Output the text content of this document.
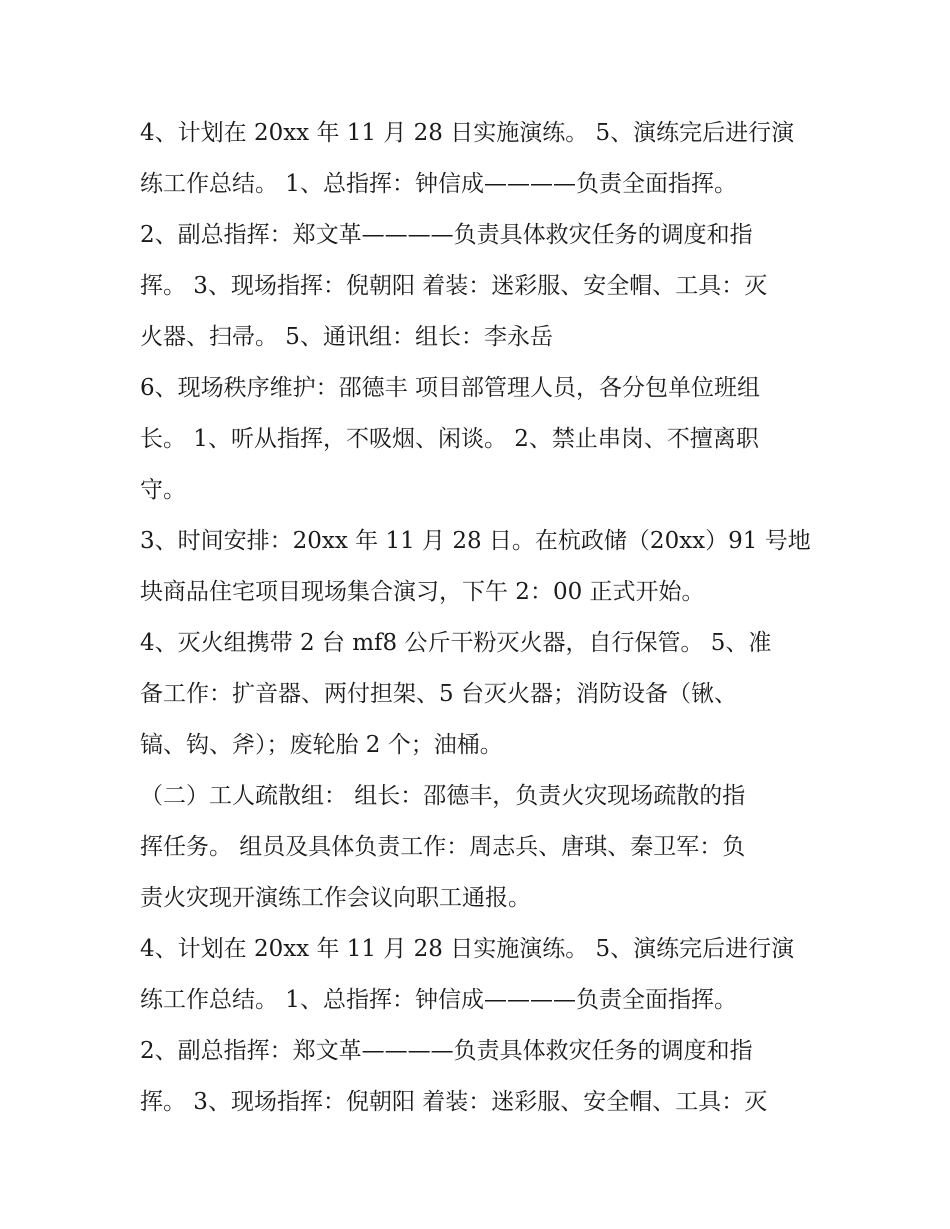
4、计划在 20xx 年 11 月 28 日实施演练。 5、演练完后进行演
练工作总结。 1、总指挥：钟信成————负责全面指挥。

2、副总指挥：郑文革————负责具体救灾任务的调度和指
挥。 3、现场指挥：倪朝阳 着装：迷彩服、安全帽、工具：灭
火器、扫帚。 5、通讯组：组长：李永岳

6、现场秩序维护：邵德丰 项目部管理人员，各分包单位班组
长。 1、听从指挥，不吸烟、闲谈。 2、禁止串岗、不擅离职
守。

3、时间安排：20xx 年 11 月 28 日。在杭政储（20xx）91 号地
块商品住宅项目现场集合演习，下午 2：00 正式开始。

4、灭火组携带 2 台 mf8 公斤干粉灭火器，自行保管。 5、准
备工作：扩音器、两付担架、5 台灭火器；消防设备（锹、
镐、钩、斧）；废轮胎 2 个；油桶。

（二）工人疏散组： 组长：邵德丰，负责火灾现场疏散的指
挥任务。 组员及具体负责工作：周志兵、唐琪、秦卫军：负
责火灾现开演练工作会议向职工通报。

4、计划在 20xx 年 11 月 28 日实施演练。 5、演练完后进行演
练工作总结。 1、总指挥：钟信成————负责全面指挥。

2、副总指挥：郑文革————负责具体救灾任务的调度和指
挥。 3、现场指挥：倪朝阳 着装：迷彩服、安全帽、工具：灭
